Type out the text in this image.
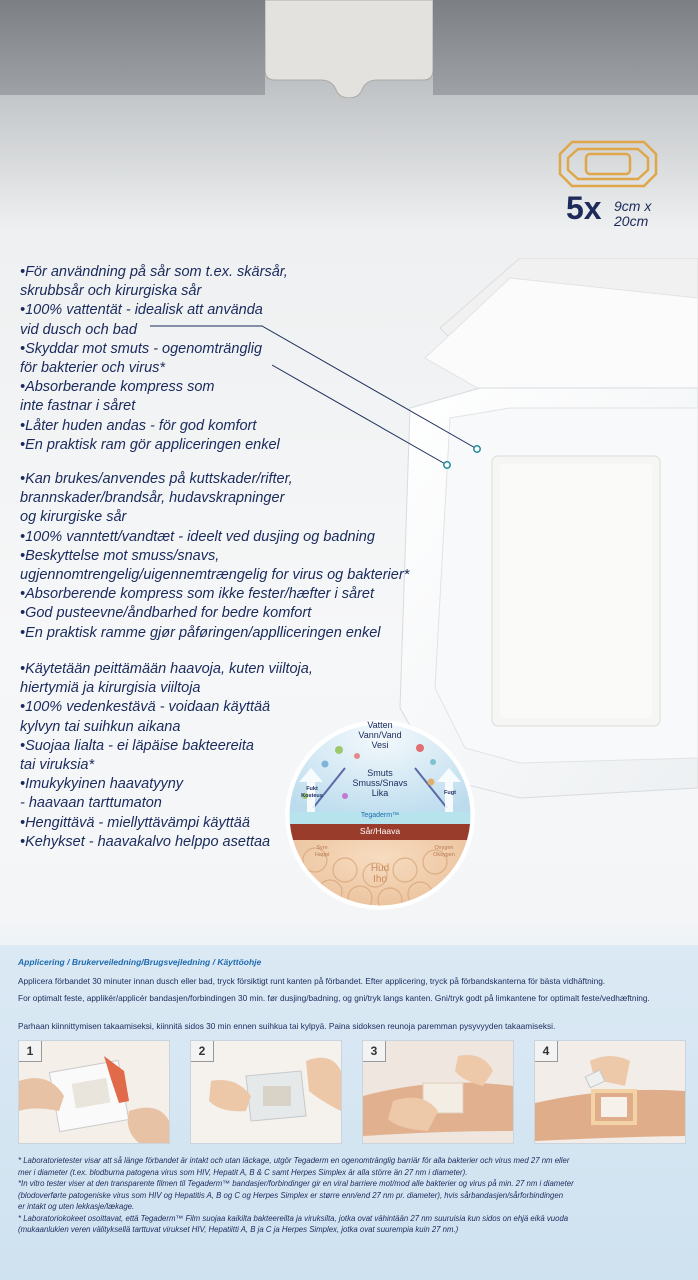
5x 9cm x
20cm
•För användning på sår som t.ex. skärsår,
skrubbsår och kirurgiska sår
•100% vattentät - idealisk att använda
vid dusch och bad
•Skyddar mot smuts - ogenomtränglig
för bakterier och virus*
•Absorberande kompress som
inte fastnar i såret
•Låter huden andas - för god komfort
•En praktisk ram gör appliceringen enkel
•Kan brukes/anvendes på kuttskader/rifter,
brannskader/brandsår, hudavskrapninger
og kirurgiske sår
•100% vanntett/vandtæt - ideelt ved dusjing og badning
•Beskyttelse mot smuss/snavs,
ugjennomtrengelig/uigennemtrængelig for virus og bakterier*
•Absorberende kompress som ikke fester/hæfter i såret
•God pusteevne/åndbarhed for bedre komfort
•En praktisk ramme gjør påføringen/applliceringen enkel
•Käytetään peittämään haavoja, kuten viiltoja,
hiertymiä ja kirurgisia viiltoja
•100% vedenkestävä - voidaan käyttää
kylvyn tai suihkun aikana
•Suojaa lialta - ei läpäise bakteereita
tai viruksia*
•Imukykyinen haavatyyny
- haavaan tarttumaton
•Hengittävä - miellyttävämpi käyttää
•Kehykset - haavakalvo helppo asettaa
Vatten
Vann/Vand
Vesi
Smuts
Smuss/Snavs
Lika
Fukt
Kosteus	Fugt
Tegaderm™
Sår/Haava
Syre
Happi
Oxygen
Oksygen
Hud
Iho
Applicering / Brukerveiledning/Brugsvejledning / Käyttöohje
Applicera förbandet 30 minuter innan dusch eller bad, tryck försiktigt runt kanten på förbandet. Efter applicering, tryck på förbandskanterna för bästa vidhäftning.
For optimalt feste, applikér/applicér bandasjen/forbindingen 30 min. før dusjing/badning, og gni/tryk langs kanten. Gni/tryk godt på limkantene for optimalt feste/vedhæftning.
Parhaan kiinnittymisen takaamiseksi, kiinnitä sidos 30 min ennen suihkua tai kylpyä. Paina sidoksen reunoja paremman pysyvyyden takaamiseksi.
1	2	3	4
* Laboratorietester visar att så länge förbandet är intakt och utan läckage, utgör Tegaderm en ogenomtränglig barriär för alla bakterier och virus med 27 nm eller
mer i diameter (t.ex. blodburna patogena virus som HIV, Hepatit A, B & C samt Herpes Simplex är alla större än 27 nm i diameter).
*In vitro tester viser at den transparente filmen til Tegaderm™ bandasjer/forbindinger gir en viral barriere mot/mod alle bakterier og virus på min. 27 nm i diameter
(blodoverførte patogeniske virus som HIV og Hepatitis A, B og C og Herpes Simplex er større enn/end 27 nm pr. diameter), hvis sårbandasjen/sårforbindingen
er intakt og uten lekkasje/lækage.
* Laboratoriokokeet osoittavat, että Tegaderm™ Film suojaa kaikilta bakteereilta ja viruksilta, jotka ovat vähintään 27 nm suuruisia kun sidos on ehjä eikä vuoda
(mukaanlukien veren välityksellä tarttuvat virukset HIV, Hepatiitti A, B ja C ja Herpes Simplex, jotka ovat suurempia kuin 27 nm.)
